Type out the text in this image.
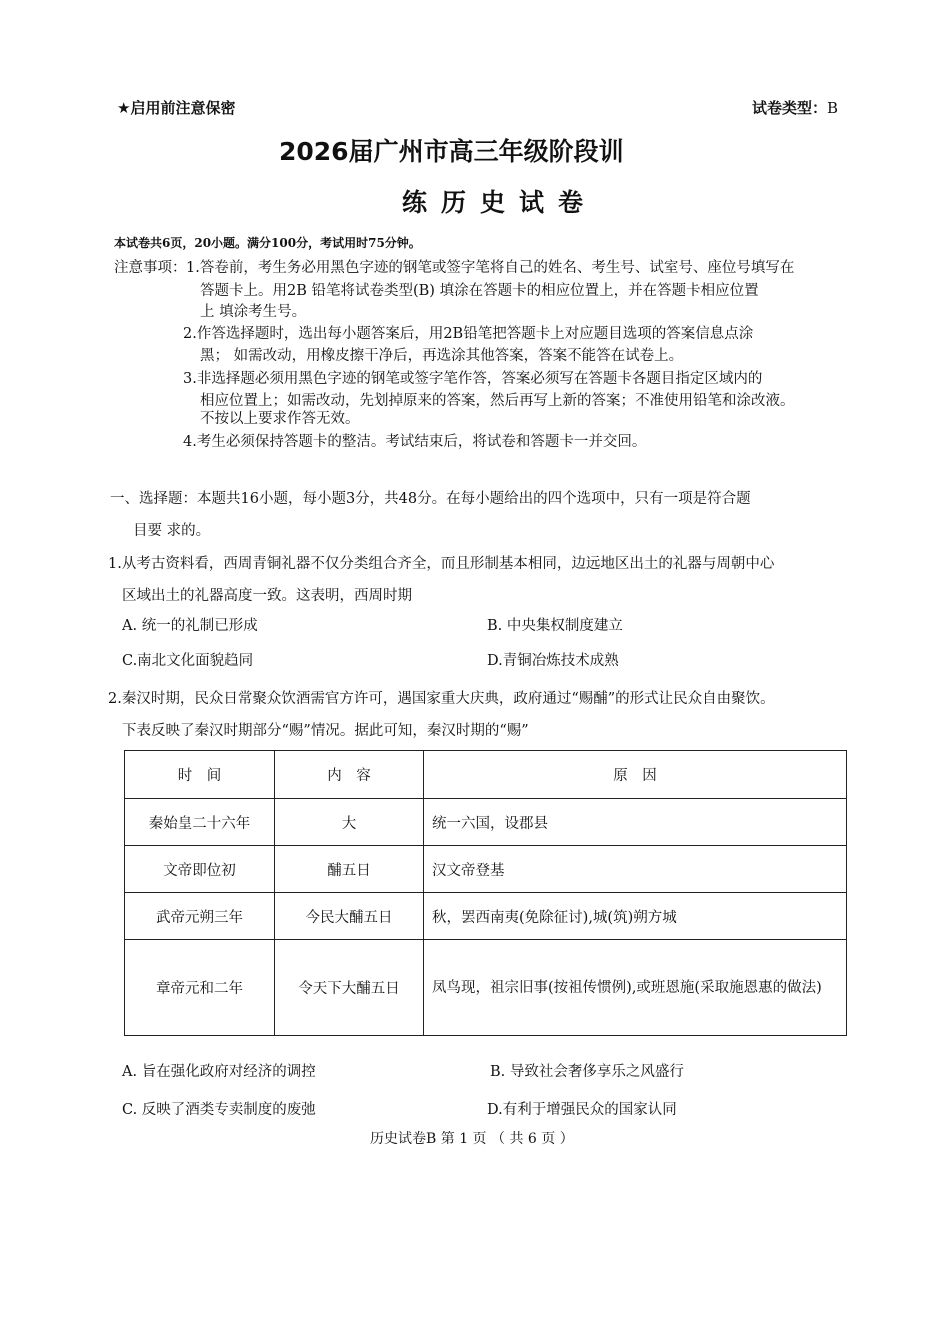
★启用前注意保密	试卷类型：B
2026届广州市高三年级阶段训
练历史试卷
本试卷共6页，20小题。满分100分，考试用时75分钟。
注意事项： 1.答卷前，考生务必用黑色字迹的钢笔或签字笔将自己的姓名、考生号、试室号、座位号填写在
答题卡上。用2B 铅笔将试卷类型(B) 填涂在答题卡的相应位置上，并在答题卡相应位置
上 填涂考生号。
2.作答选择题时，选出每小题答案后，用2B铅笔把答题卡上对应题目选项的答案信息点涂
黑； 如需改动，用橡皮擦干净后，再选涂其他答案，答案不能答在试卷上。
3.非选择题必须用黑色字迹的钢笔或签字笔作答，答案必须写在答题卡各题目指定区域内的
相应位置上；如需改动，先划掉原来的答案，然后再写上新的答案；不准使用铅笔和涂改液。
不按以上要求作答无效。
4.考生必须保持答题卡的整洁。考试结束后，将试卷和答题卡一并交回。
一、选择题：本题共16小题，每小题3分，共48分。在每小题给出的四个选项中，只有一项是符合题
目要 求的。
1.从考古资料看，西周青铜礼器不仅分类组合齐全，而且形制基本相同，边远地区出土的礼器与周朝中心
区域出土的礼器高度一致。这表明，西周时期
A. 统一的礼制已形成	B. 中央集权制度建立
C.南北文化面貌趋同	D.青铜冶炼技术成熟
2.秦汉时期，民众日常聚众饮酒需官方许可，遇国家重大庆典，政府通过“赐酺”的形式让民众自由聚饮。
下表反映了秦汉时期部分“赐”情况。据此可知，秦汉时期的“赐”
时　间	内　容	原　因
秦始皇二十六年	大	统一六国，设郡县
文帝即位初	酺五日	汉文帝登基
武帝元朔三年	今民大酺五日	秋，罢西南夷(免除征讨),城(筑)朔方城
章帝元和二年	令天下大酺五日	凤鸟现，祖宗旧事(按祖传惯例),或班恩施(采取施恩惠的做法)
A. 旨在强化政府对经济的调控	B. 导致社会奢侈享乐之风盛行
C. 反映了酒类专卖制度的废弛	D.有利于增强民众的国家认同
历史试卷B 第 1 页 （ 共 6 页 ）
